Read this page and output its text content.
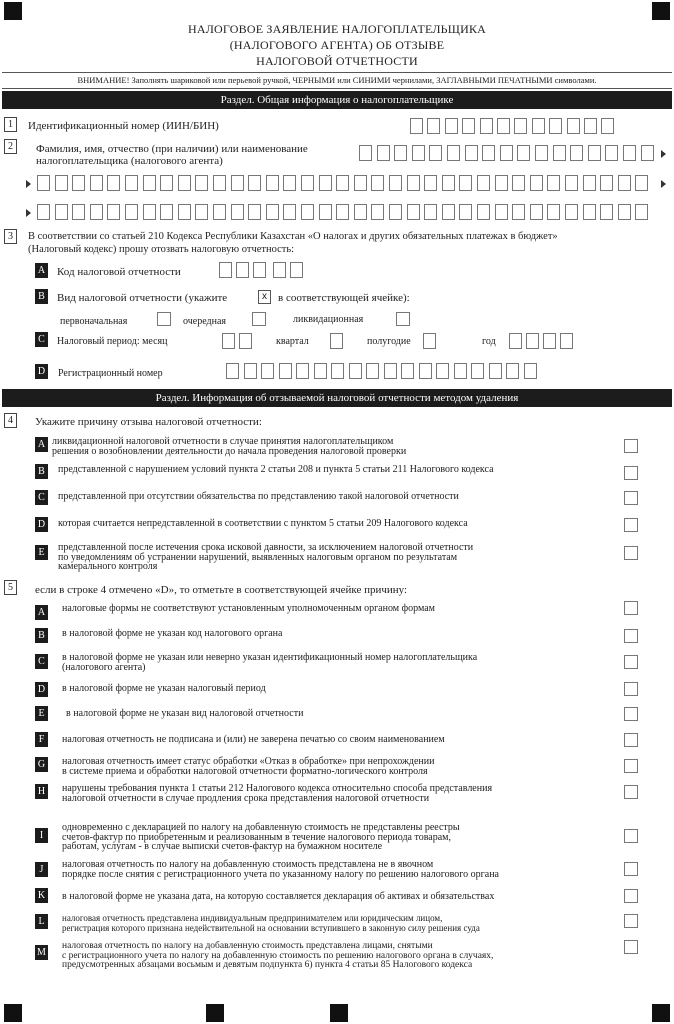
НАЛОГОВОЕ ЗАЯВЛЕНИЕ НАЛОГОПЛАТЕЛЬЩИКА
(НАЛОГОВОГО АГЕНТА) ОБ ОТЗЫВЕ
НАЛОГОВОЙ ОТЧЕТНОСТИ
ВНИМАНИЕ! Заполнять шариковой или перьевой ручкой, ЧЕРНЫМИ или СИНИМИ чернилами, ЗАГЛАВНЫМИ ПЕЧАТНЫМИ символами.
Раздел. Общая информация о налогоплательщике
1	Идентификационный номер (ИИН/БИН)
2	Фамилия, имя, отчество (при наличии) или наименование
налогоплательщика (налогового агента)
3	В соответствии со статьей 210 Кодекса Республики Казахстан «О налогах и других обязательных платежах в бюджет»
(Налоговый кодекс) прошу отозвать налоговую отчетность:
A Код налоговой отчетности
B Вид налоговой отчетности (укажите	x	в соответствующей ячейке):
первоначальная	очередная	ликвидационная
C	Налоговый период: месяц	квартал	полугодие	год
D Регистрационный номер
Раздел. Информация об отзываемой налоговой отчетности методом удаления
4	Укажите причину отзыва налоговой отчетности:
A ликвидационной налоговой отчетности в случае принятия налогоплательщиком
решения о возобновлении деятельности до начала проведения налоговой проверки
B	представленной с нарушением условий пункта 2 статьи 208 и пункта 5 статьи 211 Налогового кодекса
C	представленной при отсутствии обязательства по представлению такой налоговой отчетности
D которая считается непредставленной в соответствии с пунктом 5 статьи 209 Налогового кодекса
E	представленной после истечения срока исковой давности, за исключением налоговой отчетности
по уведомлениям об устранении нарушений, выявленных налоговым органом по результатам
камерального контроля
5	если в строке 4 отмечено «D», то отметьте в соответствующей ячейке причину:
A налоговые формы не соответствуют установленным уполномоченным органом формам
B	в налоговой форме не указан код налогового органа
C	в налоговой форме не указан или неверно указан идентификационный номер налогоплательщика
(налогового агента)
D в налоговой форме не указан налоговый период
E	в налоговой форме не указан вид налоговой отчетности
F	налоговая отчетность не подписана и (или) не заверена печатью со своим наименованием
G налоговая отчетность имеет статус обработки «Отказ в обработке» при непрохождении
в системе приема и обработки налоговой отчетности форматно-логического контроля
H нарушены требования пункта 1 статьи 212 Налогового кодекса относительно способа представления
налоговой отчетности в случае продления срока представления налоговой отчетности
I
одновременно с декларацией по налогу на добавленную стоимость не представлены реестры
счетов-фактур по приобретенным и реализованным в течение налогового периода товарам,
работам, услугам - в случае выписки счетов-фактур на бумажном носителе
J	налоговая отчетность по налогу на добавленную стоимость представлена не в явочном
порядке после снятия с регистрационного учета по указанному налогу по решению налогового органа
K в налоговой форме не указана дата, на которую составляется декларация об активах и обязательствах
L	налоговая отчетность представлена индивидуальным предпринимателем или юридическим лицом,
регистрация которого признана недействительной на основании вступившего в законную силу решения суда
M
налоговая отчетность по налогу на добавленную стоимость представлена лицами, снятыми
с регистрационного учета по налогу на добавленную стоимость по решению налогового органа в случаях,
предусмотренных абзацами восьмым и девятым подпункта 6) пункта 4 статьи 85 Налогового кодекса
